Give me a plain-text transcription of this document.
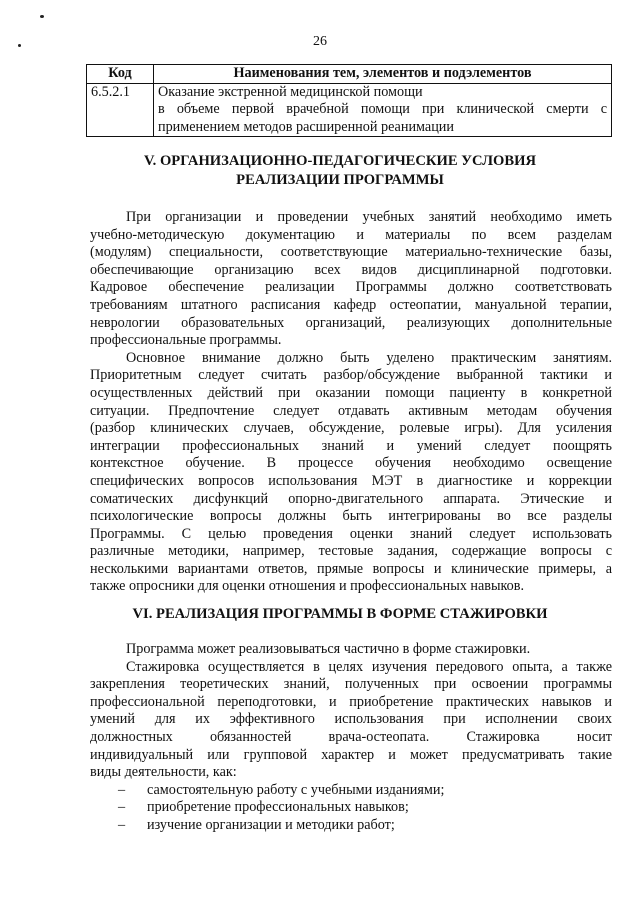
26
Код	Наименования тем, элементов и подэлементов
6.5.2.1	Оказание экстренной медицинской помощи
в объеме первой врачебной помощи при клинической смерти с
применением методов расширенной реанимации
V. ОРГАНИЗАЦИОННО-ПЕДАГОГИЧЕСКИЕ УСЛОВИЯ
РЕАЛИЗАЦИИ ПРОГРАММЫ
При организации и проведении учебных занятий необходимо иметь
учебно-методическую документацию и материалы по всем разделам
(модулям) специальности, соответствующие материально-технические базы,
обеспечивающие организацию всех видов дисциплинарной подготовки.
Кадровое обеспечение реализации Программы должно соответствовать
требованиям штатного расписания кафедр остеопатии, мануальной терапии,
неврологии образовательных организаций, реализующих дополнительные
профессиональные программы.
Основное внимание должно быть уделено практическим занятиям.
Приоритетным следует считать разбор/обсуждение выбранной тактики и
осуществленных действий при оказании помощи пациенту в конкретной
ситуации. Предпочтение следует отдавать активным методам обучения
(разбор клинических случаев, обсуждение, ролевые игры). Для усиления
интеграции профессиональных знаний и умений следует поощрять
контекстное обучение. В процессе обучения необходимо освещение
специфических вопросов использования МЭТ в диагностике и коррекции
соматических дисфункций опорно-двигательного аппарата. Этические и
психологические вопросы должны быть интегрированы во все разделы
Программы. С целью проведения оценки знаний следует использовать
различные методики, например, тестовые задания, содержащие вопросы с
несколькими вариантами ответов, прямые вопросы и клинические примеры, а
также опросники для оценки отношения и профессиональных навыков.
VI. РЕАЛИЗАЦИЯ ПРОГРАММЫ В ФОРМЕ СТАЖИРОВКИ
Программа может реализовываться частично в форме стажировки.
Стажировка осуществляется в целях изучения передового опыта, а также
закрепления теоретических знаний, полученных при освоении программы
профессиональной переподготовки, и приобретение практических навыков и
умений для их эффективного использования при исполнении своих
должностных обязанностей врача-остеопата. Стажировка носит
индивидуальный или групповой характер и может предусматривать такие
виды деятельности, как:
–	самостоятельную работу с учебными изданиями;
–	приобретение профессиональных навыков;
–	изучение организации и методики работ;
